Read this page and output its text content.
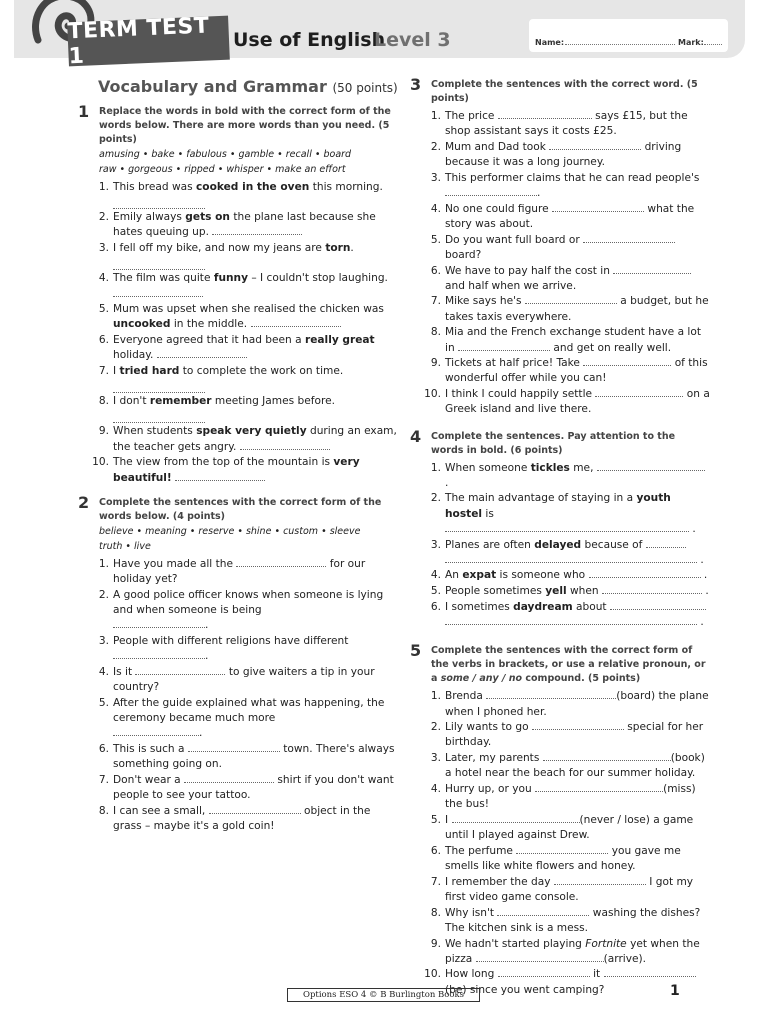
TERM TEST 1
Use of English
Level 3	Name:	Mark:
Vocabulary and Grammar (50 points)
1 Replace the words in bold with the correct form of the words below. There are more words than you need. (5 points)
amusing • bake • fabulous • gamble • recall • board
raw • gorgeous • ripped • whisper • make an effort
1. This bread was cooked in the oven this morning.
2. Emily always gets on the plane last because she hates queuing up.
3. I fell off my bike, and now my jeans are torn.
4. The film was quite funny – I couldn't stop laughing.
5. Mum was upset when she realised the chicken was uncooked in the middle.
6. Everyone agreed that it had been a really great holiday.
7. I tried hard to complete the work on time.
8. I don't remember meeting James before.
9. When students speak very quietly during an exam, the teacher gets angry.
10. The view from the top of the mountain is very beautiful!
2 Complete the sentences with the correct form of the words below. (4 points)
believe • meaning • reserve • shine • custom • sleeve
truth • live
1. Have you made all the	for our holiday yet?
2. A good police officer knows when someone is lying and when someone is being
.
3. People with different religions have different
.
4. Is it	to give waiters a tip in your country?
5. After the guide explained what was happening, the ceremony became much more
.
6. This is such a	town. There's always something going on.
7. Don't wear a	shirt if you don't want people to see your tattoo.
8. I can see a small,	object in the grass – maybe it's a gold coin!
3 Complete the sentences with the correct word. (5 points)
1. The price	says £15, but the shop assistant says it costs £25.
2. Mum and Dad took	driving because it was a long journey.
3. This performer claims that he can read people's
.
4. No one could figure	what the story was about.
5. Do you want full board or  board?
6. We have to pay half the cost in  and half when we arrive.
7. Mike says he's	a budget, but he takes taxis everywhere.
8. Mia and the French exchange student have a lot in	and get on really well.
9. Tickets at half price! Take	of this wonderful offer while you can!
10. I think I could happily settle	on a Greek island and live there.
4 Complete the sentences. Pay attention to the words in bold. (6 points)
1. When someone tickles me,  .
2. The main advantage of staying in a youth hostel is  .
3. Planes are often delayed because of
.
4. An expat is someone who	.
5. People sometimes yell when	.
6. I sometimes daydream about
.
5 Complete the sentences with the correct form of the verbs in brackets, or use a relative pronoun, or a some / any / no compound. (5 points)
1. Brenda	(board) the plane when I phoned her.
2. Lily wants to go	special for her birthday.
3. Later, my parents	(book) a hotel near the beach for our summer holiday.
4. Hurry up, or you	(miss) the bus!
5. I	(never / lose) a game until I played against Drew.
6. The perfume	you gave me smells like white flowers and honey.
7. I remember the day	I got my first video game console.
8. Why isn't	washing the dishes? The kitchen sink is a mess.
9. We hadn't started playing Fortnite yet when the pizza	(arrive).
10. How long	it
(be) since you went camping?
Options ESO 4 © B Burlington Books	1
